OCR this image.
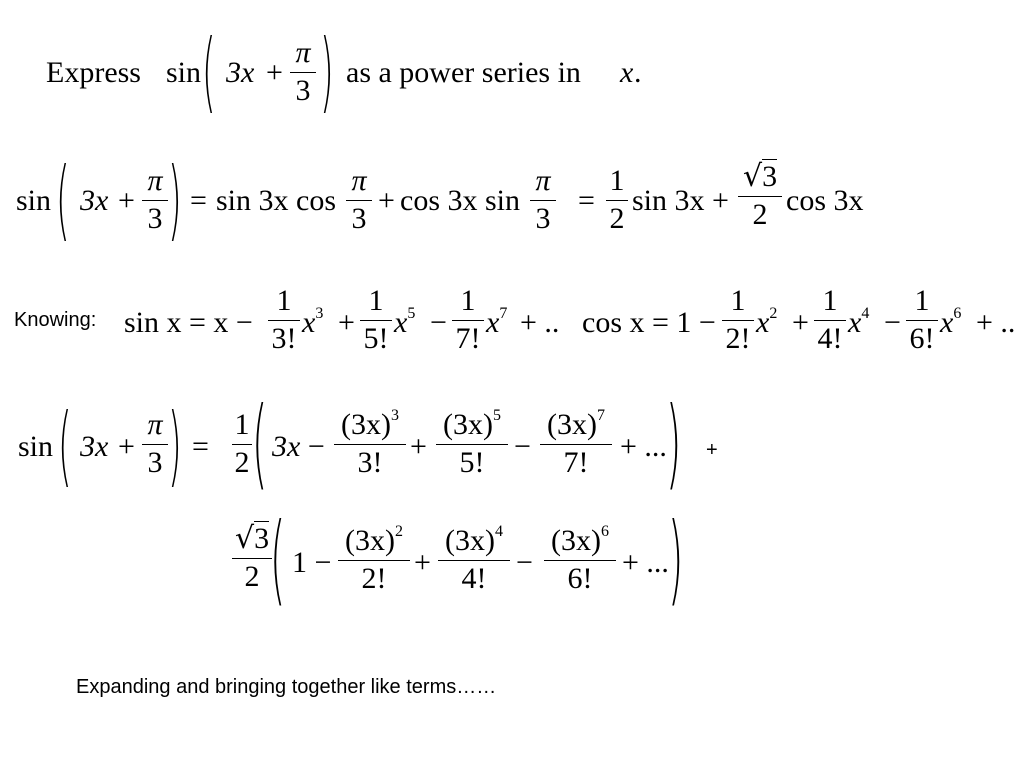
Express sin ( 3x +
π
3 ) as a power series in x .
sin ( 3x +
π
3 ) = sin 3x cos
π
3
+ cos 3x sin
π
3
=
1
2
sin 3x +
√3
2 cos 3x
Knowing: sin x = x −
1
3! $x^3$ +
1
5! $x^5$ −
1
7! $x^7$ + .. cos x = 1 −
1
2! $x^2$ +
1
4! $x^4$ −
1
6! $x^6$ + ..
sin ( 3x +
π
3 ) =
1
2 ( 3x −
$(3x)^3$
3! +
$(3x)^5$
5! −
$(3x)^7$
7!	+ ... ) +
√3
2 ( 1 −
$(3x)^2$
2! +
$(3x)^4$
4! −
$(3x)^6$
6! + ... )
Expanding and bringing together like terms……
